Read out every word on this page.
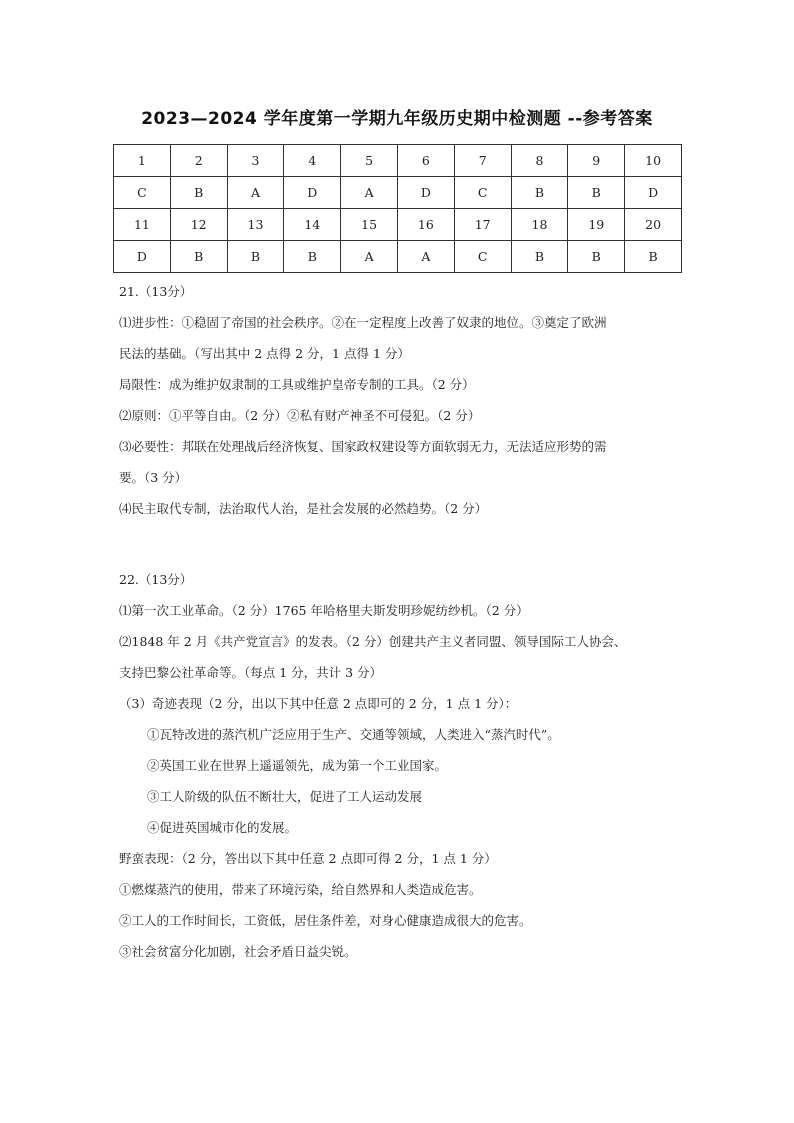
2023—2024 学年度第一学期九年级历史期中检测题 --参考答案
1	2	3	4	5	6	7	8	9	10
C	B	A	D	A	D	C	B	B	D
11	12	13	14	15	16	17	18	19	20
D	B	B	B	A	A	C	B	B	B
21.（13分）
⑴进步性：①稳固了帝国的社会秩序。②在一定程度上改善了奴隶的地位。③奠定了欧洲
民法的基础。（写出其中 2 点得 2 分，1 点得 1 分）
局限性：成为维护奴隶制的工具或维护皇帝专制的工具。（2 分）
⑵原则：①平等自由。（2 分）②私有财产神圣不可侵犯。（2 分）
⑶必要性：邦联在处理战后经济恢复、国家政权建设等方面软弱无力，无法适应形势的需
要。（3 分）
⑷民主取代专制，法治取代人治，是社会发展的必然趋势。（2 分）
22.（13分）
⑴第一次工业革命。（2 分）1765 年哈格里夫斯发明珍妮纺纱机。（2 分）
⑵1848 年 2 月《共产党宣言》的发表。（2 分）创建共产主义者同盟、领导国际工人协会、
支持巴黎公社革命等。（每点 1 分，共计 3 分）
（3）奇迹表现（2 分，出以下其中任意 2 点即可的 2 分，1 点 1 分）：
①瓦特改进的蒸汽机广泛应用于生产、交通等领域，人类进入“蒸汽时代”。
②英国工业在世界上遥遥领先，成为第一个工业国家。
③工人阶级的队伍不断壮大，促进了工人运动发展
④促进英国城市化的发展。
野蛮表现：（2 分，答出以下其中任意 2 点即可得 2 分，1 点 1 分）
①燃煤蒸汽的使用，带来了环境污染，给自然界和人类造成危害。
②工人的工作时间长，工资低，居住条件差，对身心健康造成很大的危害。
③社会贫富分化加剧，社会矛盾日益尖锐。
